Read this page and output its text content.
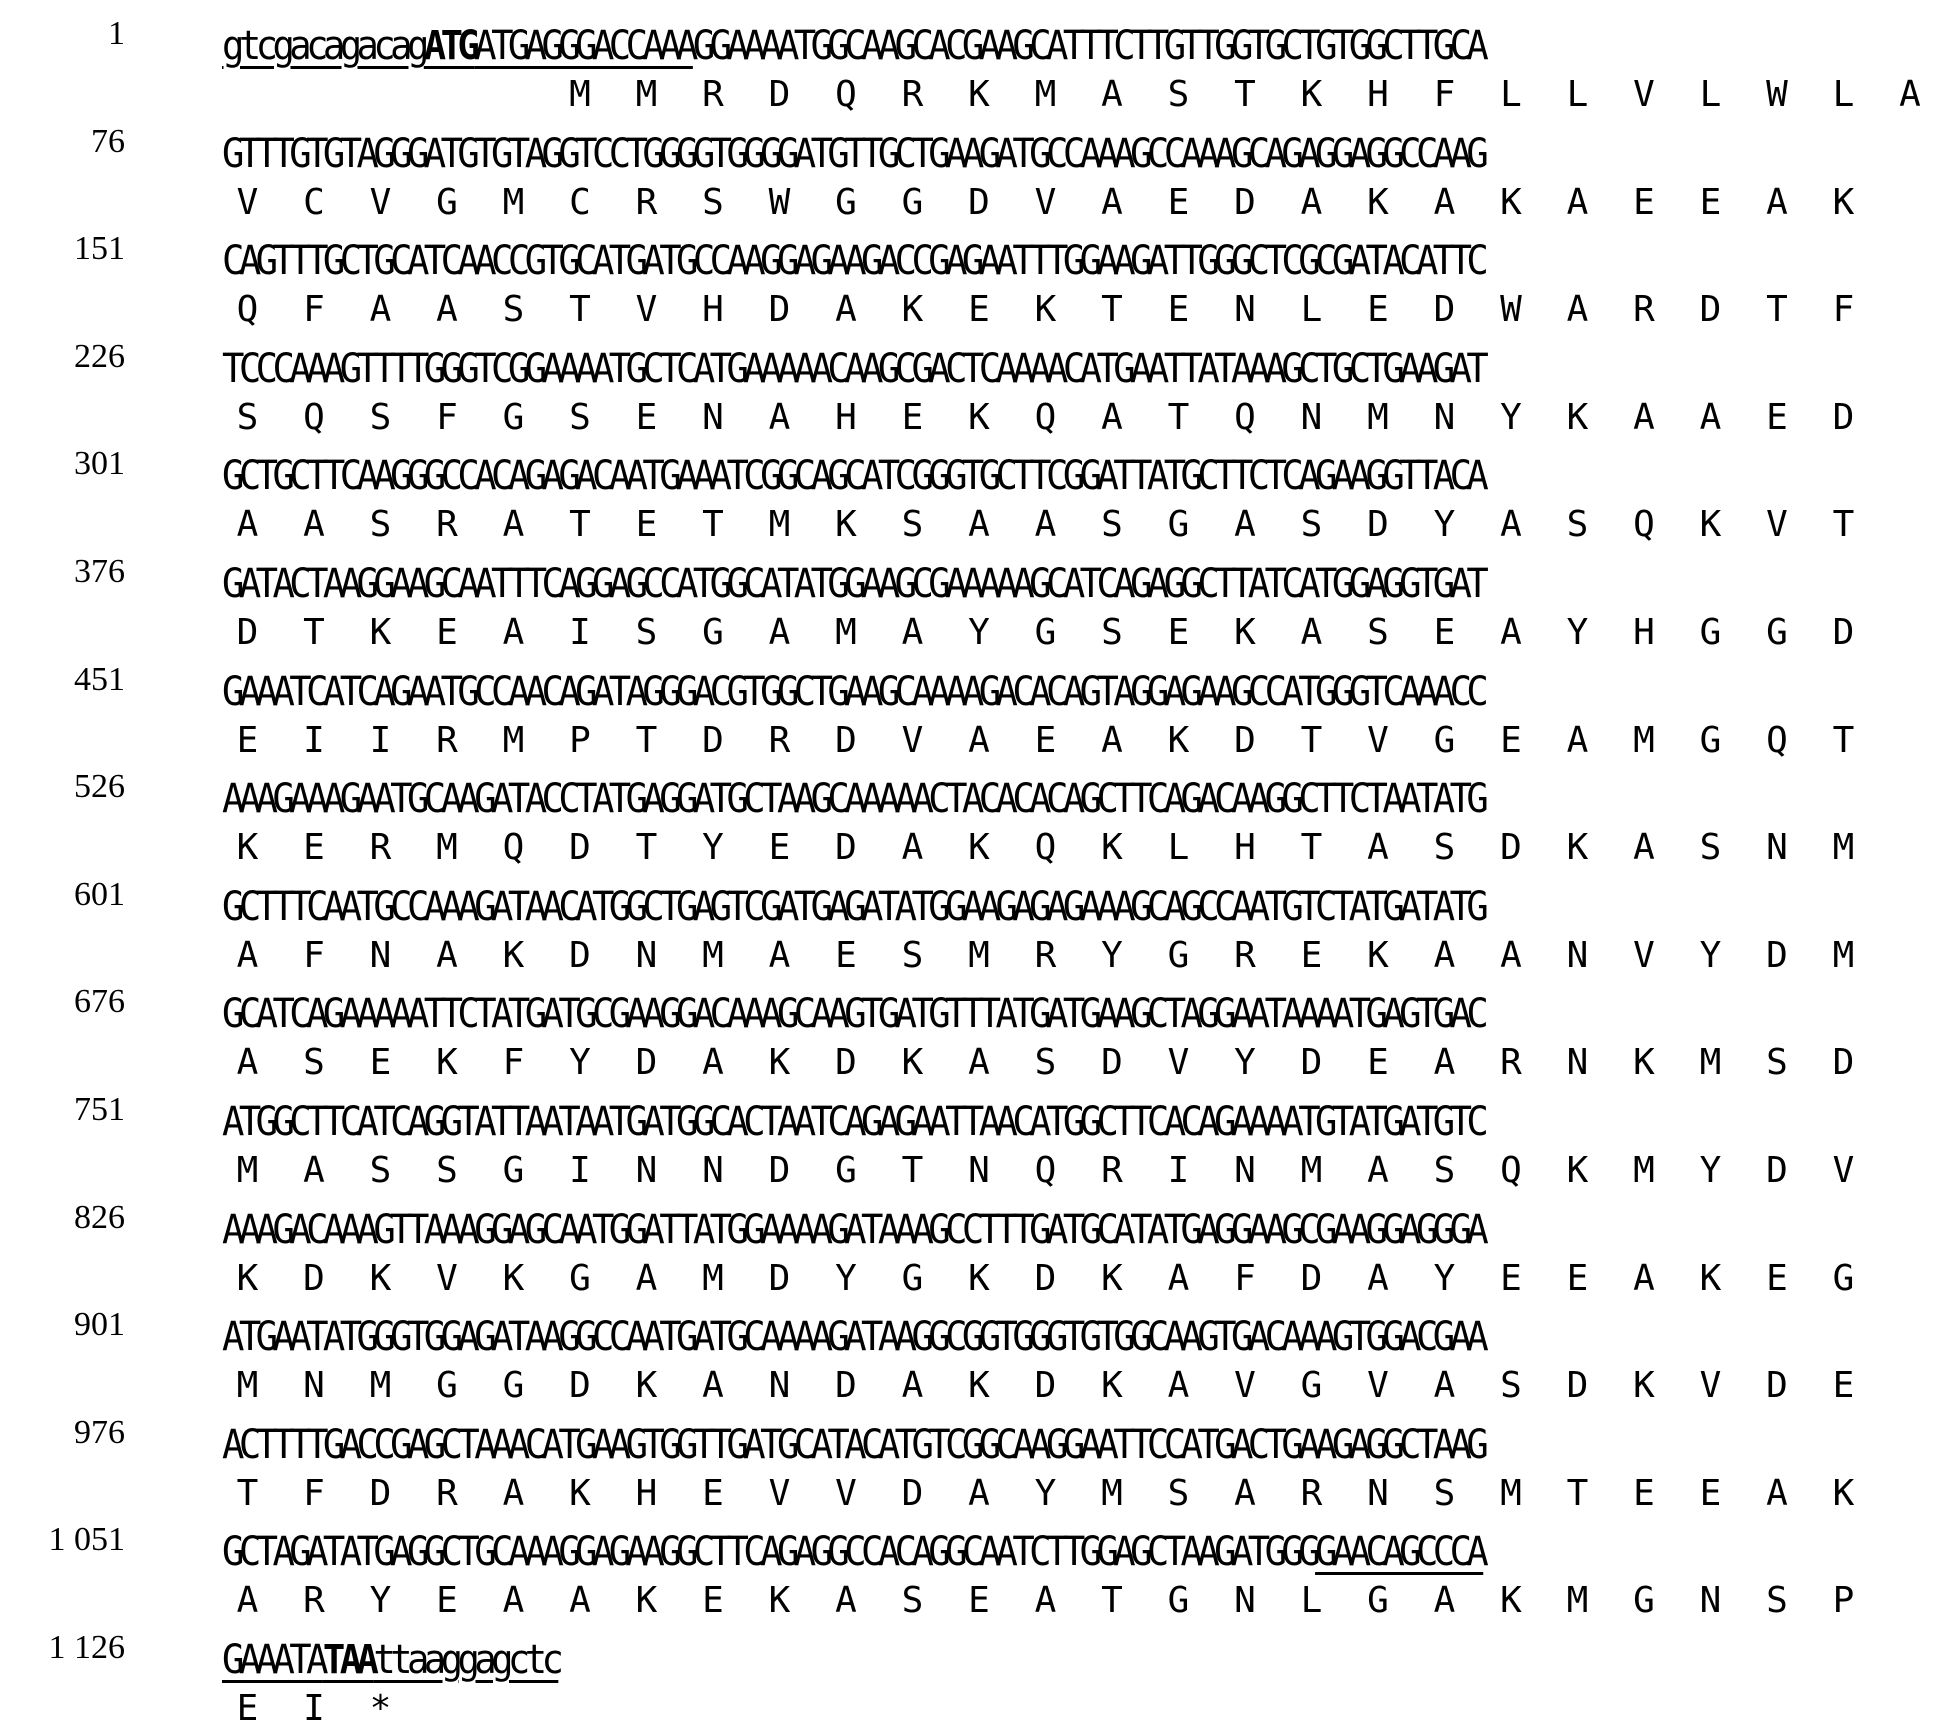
1 gtcgacagacagATGATGAGGGACCAAAGGAAAATGGCAAGCACGAAGCATTTCTTGTTGGTGCTGTGGCTTGCA
M	M	R	D	Q	R	K	M	A	S	T	K	H	F	L	L	V	L	W	L	A
76 GTTTGTGTAGGGATGTGTAGGTCCTGGGGTGGGGATGTTGCTGAAGATGCCAAAGCCAAAGCAGAGGAGGCCAAG
V	C	V	G	M	C	R	S	W	G	G	D	V	A	E	D	A	K	A	K	A	E	E	A	K
151 CAGTTTGCTGCATCAACCGTGCATGATGCCAAGGAGAAGACCGAGAATTTGGAAGATTGGGCTCGCGATACATTC
Q	F	A	A	S	T	V	H	D	A	K	E	K	T	E	N	L	E	D	W	A	R	D	T	F
226 TCCCAAAGTTTTGGGTCGGAAAATGCTCATGAAAAACAAGCGACTCAAAACATGAATTATAAAGCTGCTGAAGAT
S	Q	S	F	G	S	E	N	A	H	E	K	Q	A	T	Q	N	M	N	Y	K	A	A	E	D
301 GCTGCTTCAAGGGCCACAGAGACAATGAAATCGGCAGCATCGGGTGCTTCGGATTATGCTTCTCAGAAGGTTACA
A	A	S	R	A	T	E	T	M	K	S	A	A	S	G	A	S	D	Y	A	S	Q	K	V	T
376 GATACTAAGGAAGCAATTTCAGGAGCCATGGCATATGGAAGCGAAAAAGCATCAGAGGCTTATCATGGAGGTGAT
D	T	K	E	A	I	S	G	A	M	A	Y	G	S	E	K	A	S	E	A	Y	H	G	G	D
451 GAAATCATCAGAATGCCAACAGATAGGGACGTGGCTGAAGCAAAAGACACAGTAGGAGAAGCCATGGGTCAAACC
E	I	I	R	M	P	T	D	R	D	V	A	E	A	K	D	T	V	G	E	A	M	G	Q	T
526 AAAGAAAGAATGCAAGATACCTATGAGGATGCTAAGCAAAAACTACACACAGCTTCAGACAAGGCTTCTAATATG
K	E	R	M	Q	D	T	Y	E	D	A	K	Q	K	L	H	T	A	S	D	K	A	S	N	M
601 GCTTTCAATGCCAAAGATAACATGGCTGAGTCGATGAGATATGGAAGAGAGAAAGCAGCCAATGTCTATGATATG
A	F	N	A	K	D	N	M	A	E	S	M	R	Y	G	R	E	K	A	A	N	V	Y	D	M
676 GCATCAGAAAAATTCTATGATGCGAAGGACAAAGCAAGTGATGTTTATGATGAAGCTAGGAATAAAATGAGTGAC
A	S	E	K	F	Y	D	A	K	D	K	A	S	D	V	Y	D	E	A	R	N	K	M	S	D
751 ATGGCTTCATCAGGTATTAATAATGATGGCACTAATCAGAGAATTAACATGGCTTCACAGAAAATGTATGATGTC
M	A	S	S	G	I	N	N	D	G	T	N	Q	R	I	N	M	A	S	Q	K	M	Y	D	V
826 AAAGACAAAGTTAAAGGAGCAATGGATTATGGAAAAGATAAAGCCTTTGATGCATATGAGGAAGCGAAGGAGGGA
K	D	K	V	K	G	A	M	D	Y	G	K	D	K	A	F	D	A	Y	E	E	A	K	E	G
901 ATGAATATGGGTGGAGATAAGGCCAATGATGCAAAAGATAAGGCGGTGGGTGTGGCAAGTGACAAAGTGGACGAA
M	N	M	G	G	D	K	A	N	D	A	K	D	K	A	V	G	V	A	S	D	K	V	D	E
976 ACTTTTGACCGAGCTAAACATGAAGTGGTTGATGCATACATGTCGGCAAGGAATTCCATGACTGAAGAGGCTAAG
T	F	D	R	A	K	H	E	V	V	D	A	Y	M	S	A	R	N	S	M	T	E	E	A	K
1 051 GCTAGATATGAGGCTGCAAAGGAGAAGGCTTCAGAGGCCACAGGCAATCTTGGAGCTAAGATGGGGAACAGCCCA
A	R	Y	E	A	A	K	E	K	A	S	E	A	T	G	N	L	G	A	K	M	G	N	S	P
1 126 GAAATATAAttaaggagctc
E	I	*
